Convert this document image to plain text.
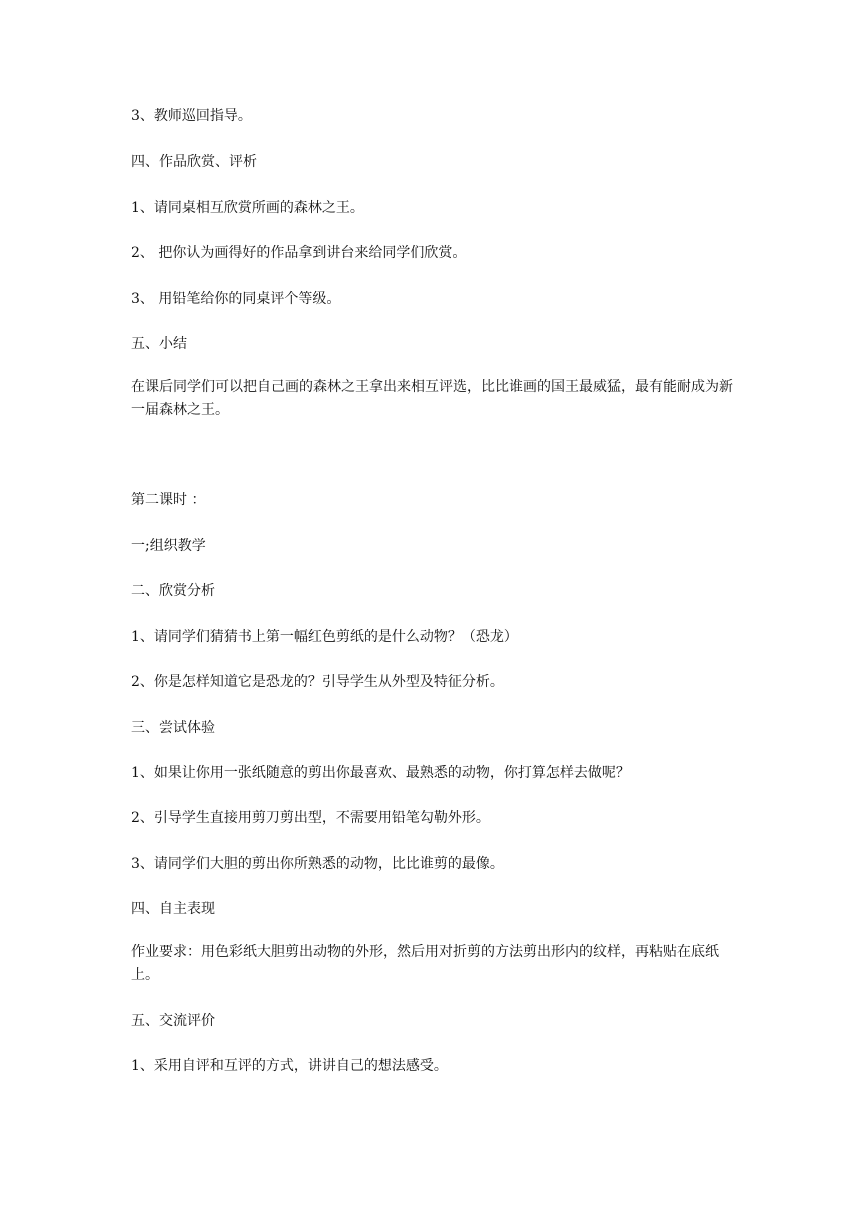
3、教师巡回指导。
四、作品欣赏、评析
1、请同桌相互欣赏所画的森林之王。
2、 把你认为画得好的作品拿到讲台来给同学们欣赏。
3、 用铅笔给你的同桌评个等级。
五、小结
在课后同学们可以把自己画的森林之王拿出来相互评选，比比谁画的国王最威猛，最有能耐成为新一届森林之王。
第二课时 ：
一;组织教学
二、欣赏分析
1、请同学们猜猜书上第一幅红色剪纸的是什么动物？（恐龙）
2、你是怎样知道它是恐龙的？引导学生从外型及特征分析。
三、尝试体验
1、如果让你用一张纸随意的剪出你最喜欢、最熟悉的动物，你打算怎样去做呢？
2、引导学生直接用剪刀剪出型，不需要用铅笔勾勒外形。
3、请同学们大胆的剪出你所熟悉的动物，比比谁剪的最像。
四、自主表现
作业要求：用色彩纸大胆剪出动物的外形，然后用对折剪的方法剪出形内的纹样，再粘贴在底纸上。
五、交流评价
1、采用自评和互评的方式，讲讲自己的想法感受。
